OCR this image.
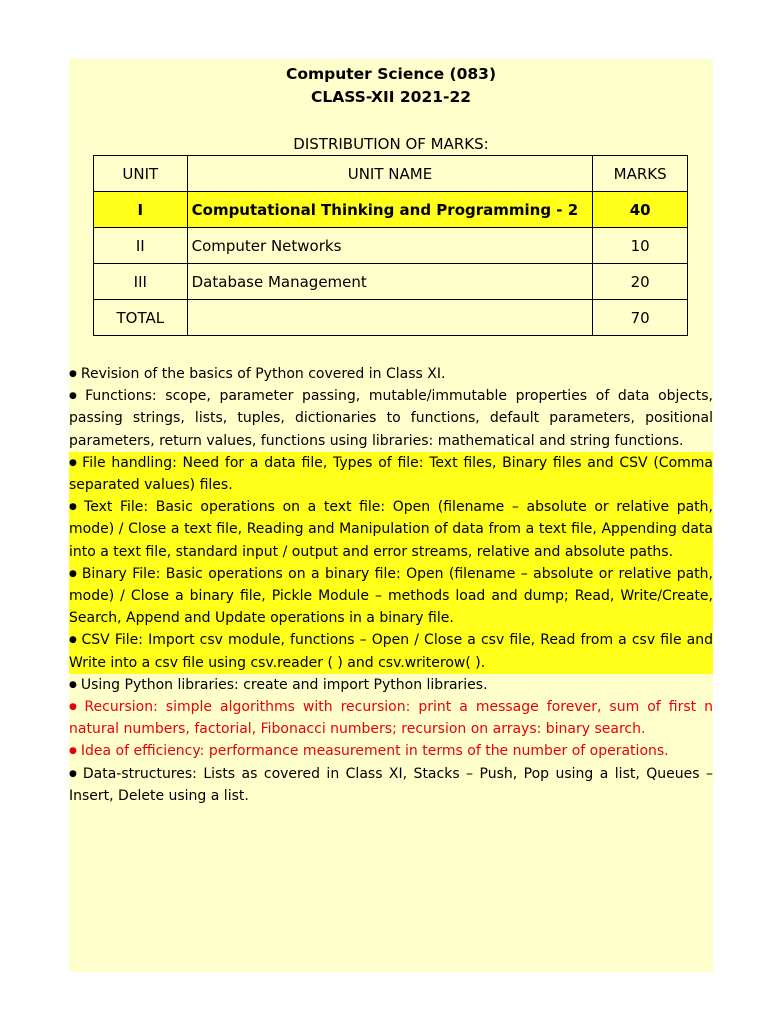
Computer Science (083)
CLASS-XII 2021-22
DISTRIBUTION OF MARKS:
UNIT	UNIT NAME	MARKS
I	Computational Thinking and Programming - 2	40
II	Computer Networks	10
III	Database Management	20
TOTAL		70
● Revision of the basics of Python covered in Class XI.
● Functions: scope, parameter passing, mutable/immutable properties of data objects, passing strings, lists, tuples, dictionaries to functions, default parameters, positional parameters, return values, functions using libraries: mathematical and string functions.
● File handling: Need for a data file, Types of file: Text files, Binary files and CSV (Comma separated values) files.
● Text File: Basic operations on a text file: Open (filename – absolute or relative path, mode) / Close a text file, Reading and Manipulation of data from a text file, Appending data into a text file, standard input / output and error streams, relative and absolute paths.
● Binary File: Basic operations on a binary file: Open (filename – absolute or relative path, mode) / Close a binary file, Pickle Module – methods load and dump; Read, Write/Create, Search, Append and Update operations in a binary file.
● CSV File: Import csv module, functions – Open / Close a csv file, Read from a csv file and Write into a csv file using csv.reader ( ) and csv.writerow( ).
● Using Python libraries: create and import Python libraries.
● Recursion: simple algorithms with recursion: print a message forever, sum of first n natural numbers, factorial, Fibonacci numbers; recursion on arrays: binary search.
● Idea of efficiency: performance measurement in terms of the number of operations.
● Data-structures: Lists as covered in Class XI, Stacks – Push, Pop using a list, Queues – Insert, Delete using a list.
